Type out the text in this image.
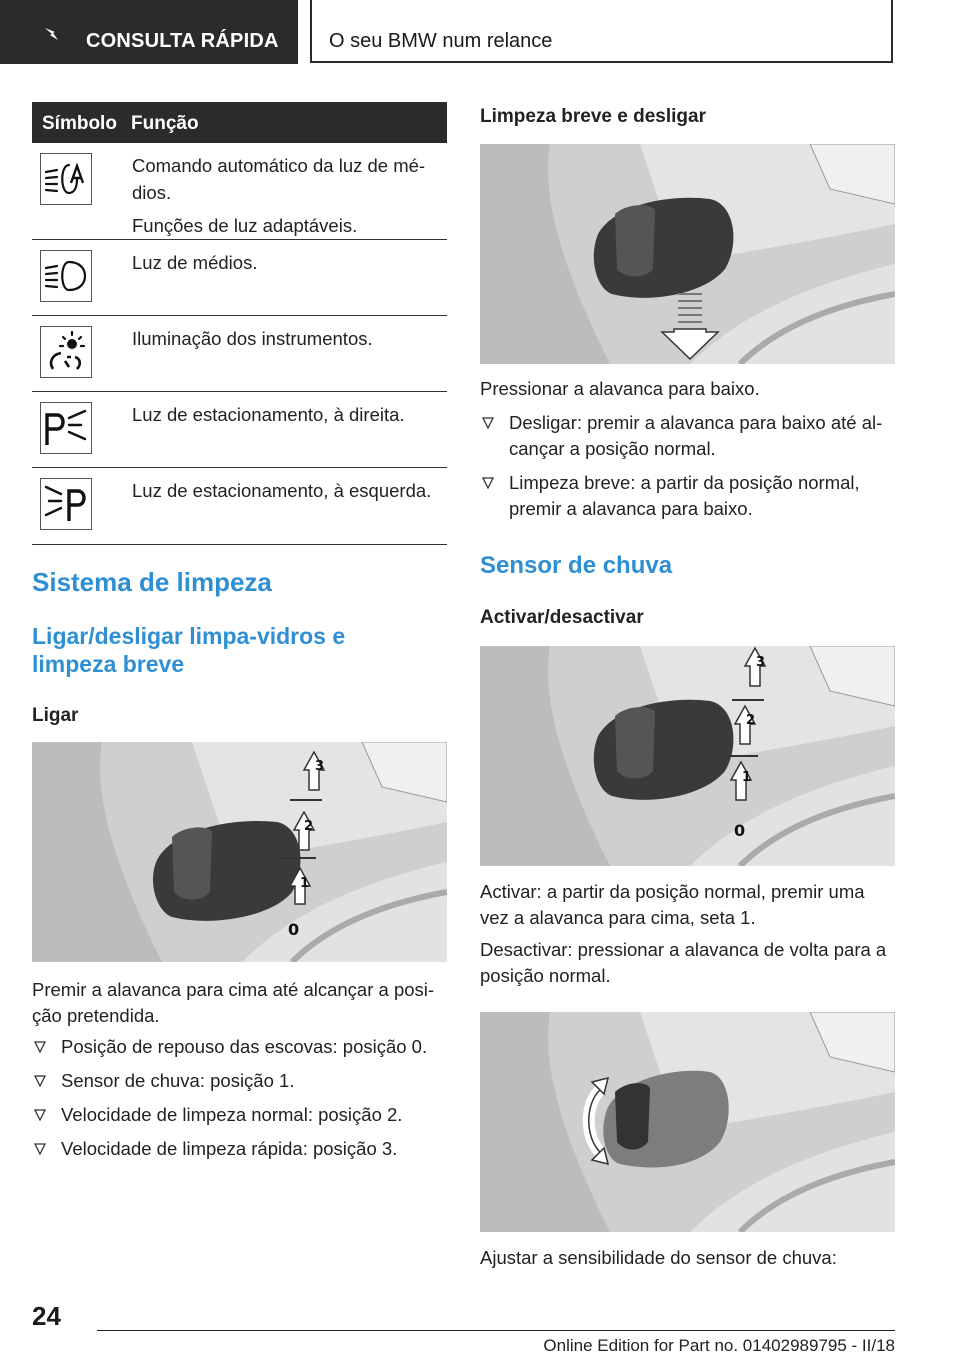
CONSULTA RÁPIDA	O seu BMW num relance
Símbolo Função

Comando automático da luz de médios.

Funções de luz adaptáveis.

Luz de médios.

Iluminação dos instrumentos.

Luz de estacionamento, à direita.

Luz de estacionamento, à esquerda.

Sistema de limpeza
Ligar/desligar limpa-vidros e limpeza breve
Ligar
3
2
1
0

Premir a alavanca para cima até alcançar a posição pretendida.

Posição de repouso das escovas: posição 0.
Sensor de chuva: posição 1.
Velocidade de limpeza normal: posição 2.
Velocidade de limpeza rápida: posição 3.
Limpeza breve e desligar

Pressionar a alavanca para baixo.

Desligar: premir a alavanca para baixo até alcançar a posição normal.
Limpeza breve: a partir da posição normal, premir a alavanca para baixo.
Sensor de chuva
Activar/desactivar
3
2
1
0

Activar: a partir da posição normal, premir uma vez a alavanca para cima, seta 1.

Desactivar: pressionar a alavanca de volta para a posição normal.

Ajustar a sensibilidade do sensor de chuva:

24
Online Edition for Part no. 01402989795 - II/18
